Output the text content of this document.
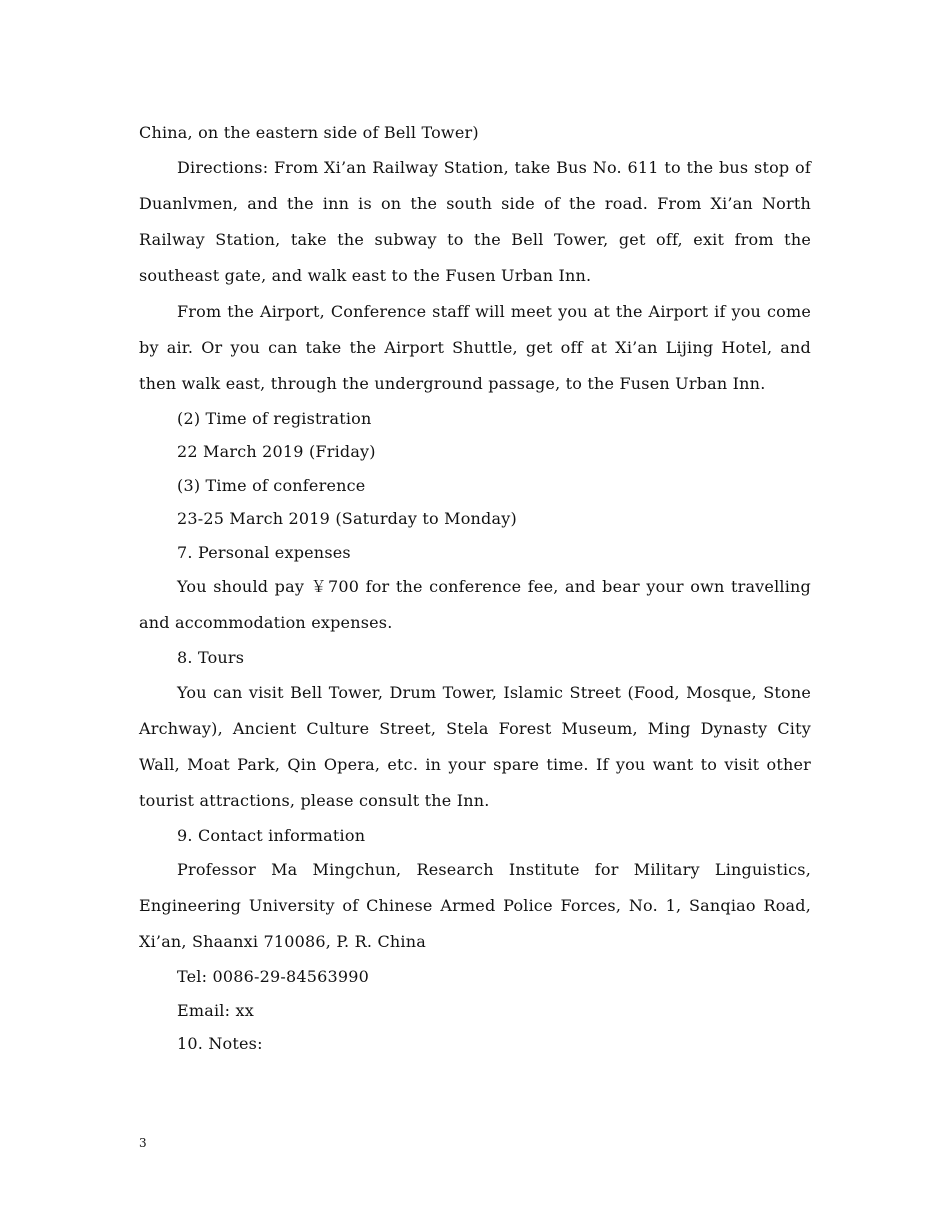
China, on the eastern side of Bell Tower)

Directions: From Xi’an Railway Station, take Bus No. 611 to the bus stop of Duanlvmen, and the inn is on the south side of the road. From Xi’an North Railway Station, take the subway to the Bell Tower, get off, exit from the southeast gate, and walk east to the Fusen Urban Inn.

From the Airport, Conference staff will meet you at the Airport if you come by air. Or you can take the Airport Shuttle, get off at Xi’an Lijing Hotel, and then walk east, through the underground passage, to the Fusen Urban Inn.

(2) Time of registration

22 March 2019 (Friday)

(3) Time of conference

23-25 March 2019 (Saturday to Monday)

7. Personal expenses

You should pay ￥700 for the conference fee, and bear your own travelling and accommodation expenses.

8. Tours

You can visit Bell Tower, Drum Tower, Islamic Street (Food, Mosque, Stone Archway), Ancient Culture Street, Stela Forest Museum, Ming Dynasty City Wall, Moat Park, Qin Opera, etc. in your spare time. If you want to visit other tourist attractions, please consult the Inn.

9. Contact information

Professor Ma Mingchun, Research Institute for Military Linguistics, Engineering University of Chinese Armed Police Forces, No. 1, Sanqiao Road, Xi’an, Shaanxi 710086, P. R. China

Tel: 0086-29-84563990

Email: xx

10. Notes:

3
